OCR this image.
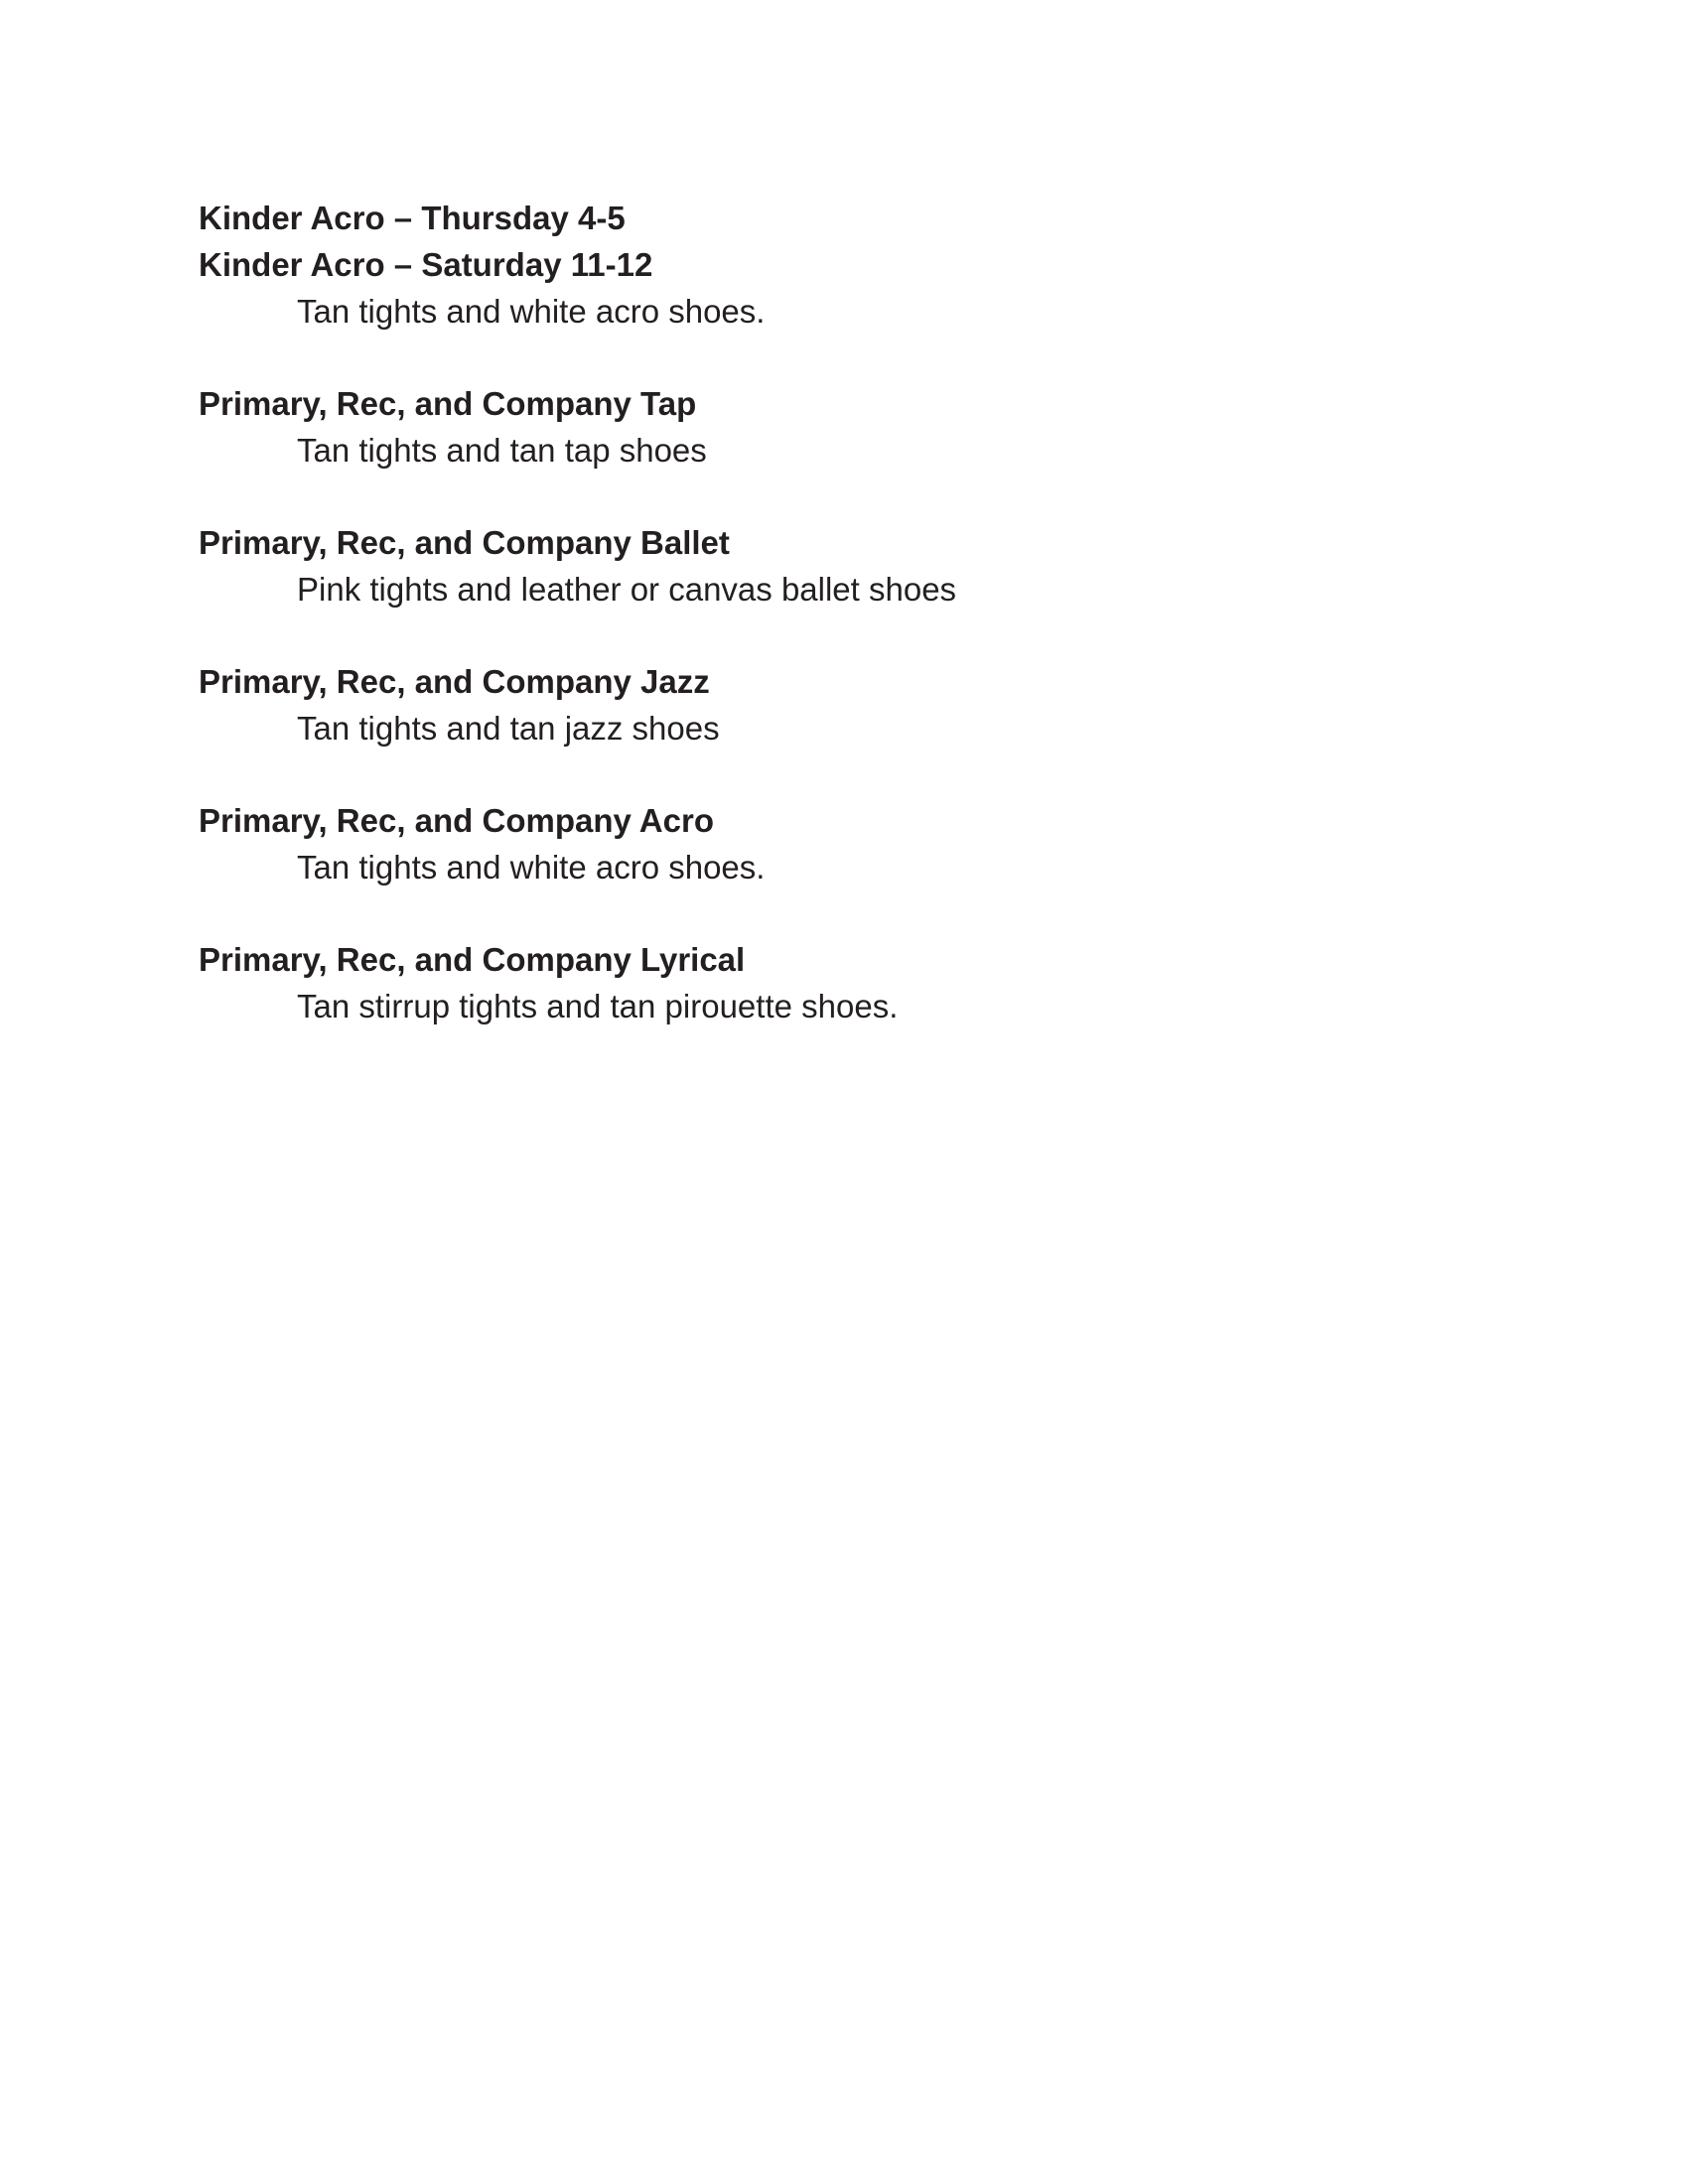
Kinder Acro – Thursday 4-5

Kinder Acro – Saturday 11-12

Tan tights and white acro shoes.

Primary, Rec, and Company Tap

Tan tights and tan tap shoes

Primary, Rec, and Company Ballet

Pink tights and leather or canvas ballet shoes

Primary, Rec, and Company Jazz

Tan tights and tan jazz shoes

Primary, Rec, and Company Acro

Tan tights and white acro shoes.

Primary, Rec, and Company Lyrical

Tan stirrup tights and tan pirouette shoes.
